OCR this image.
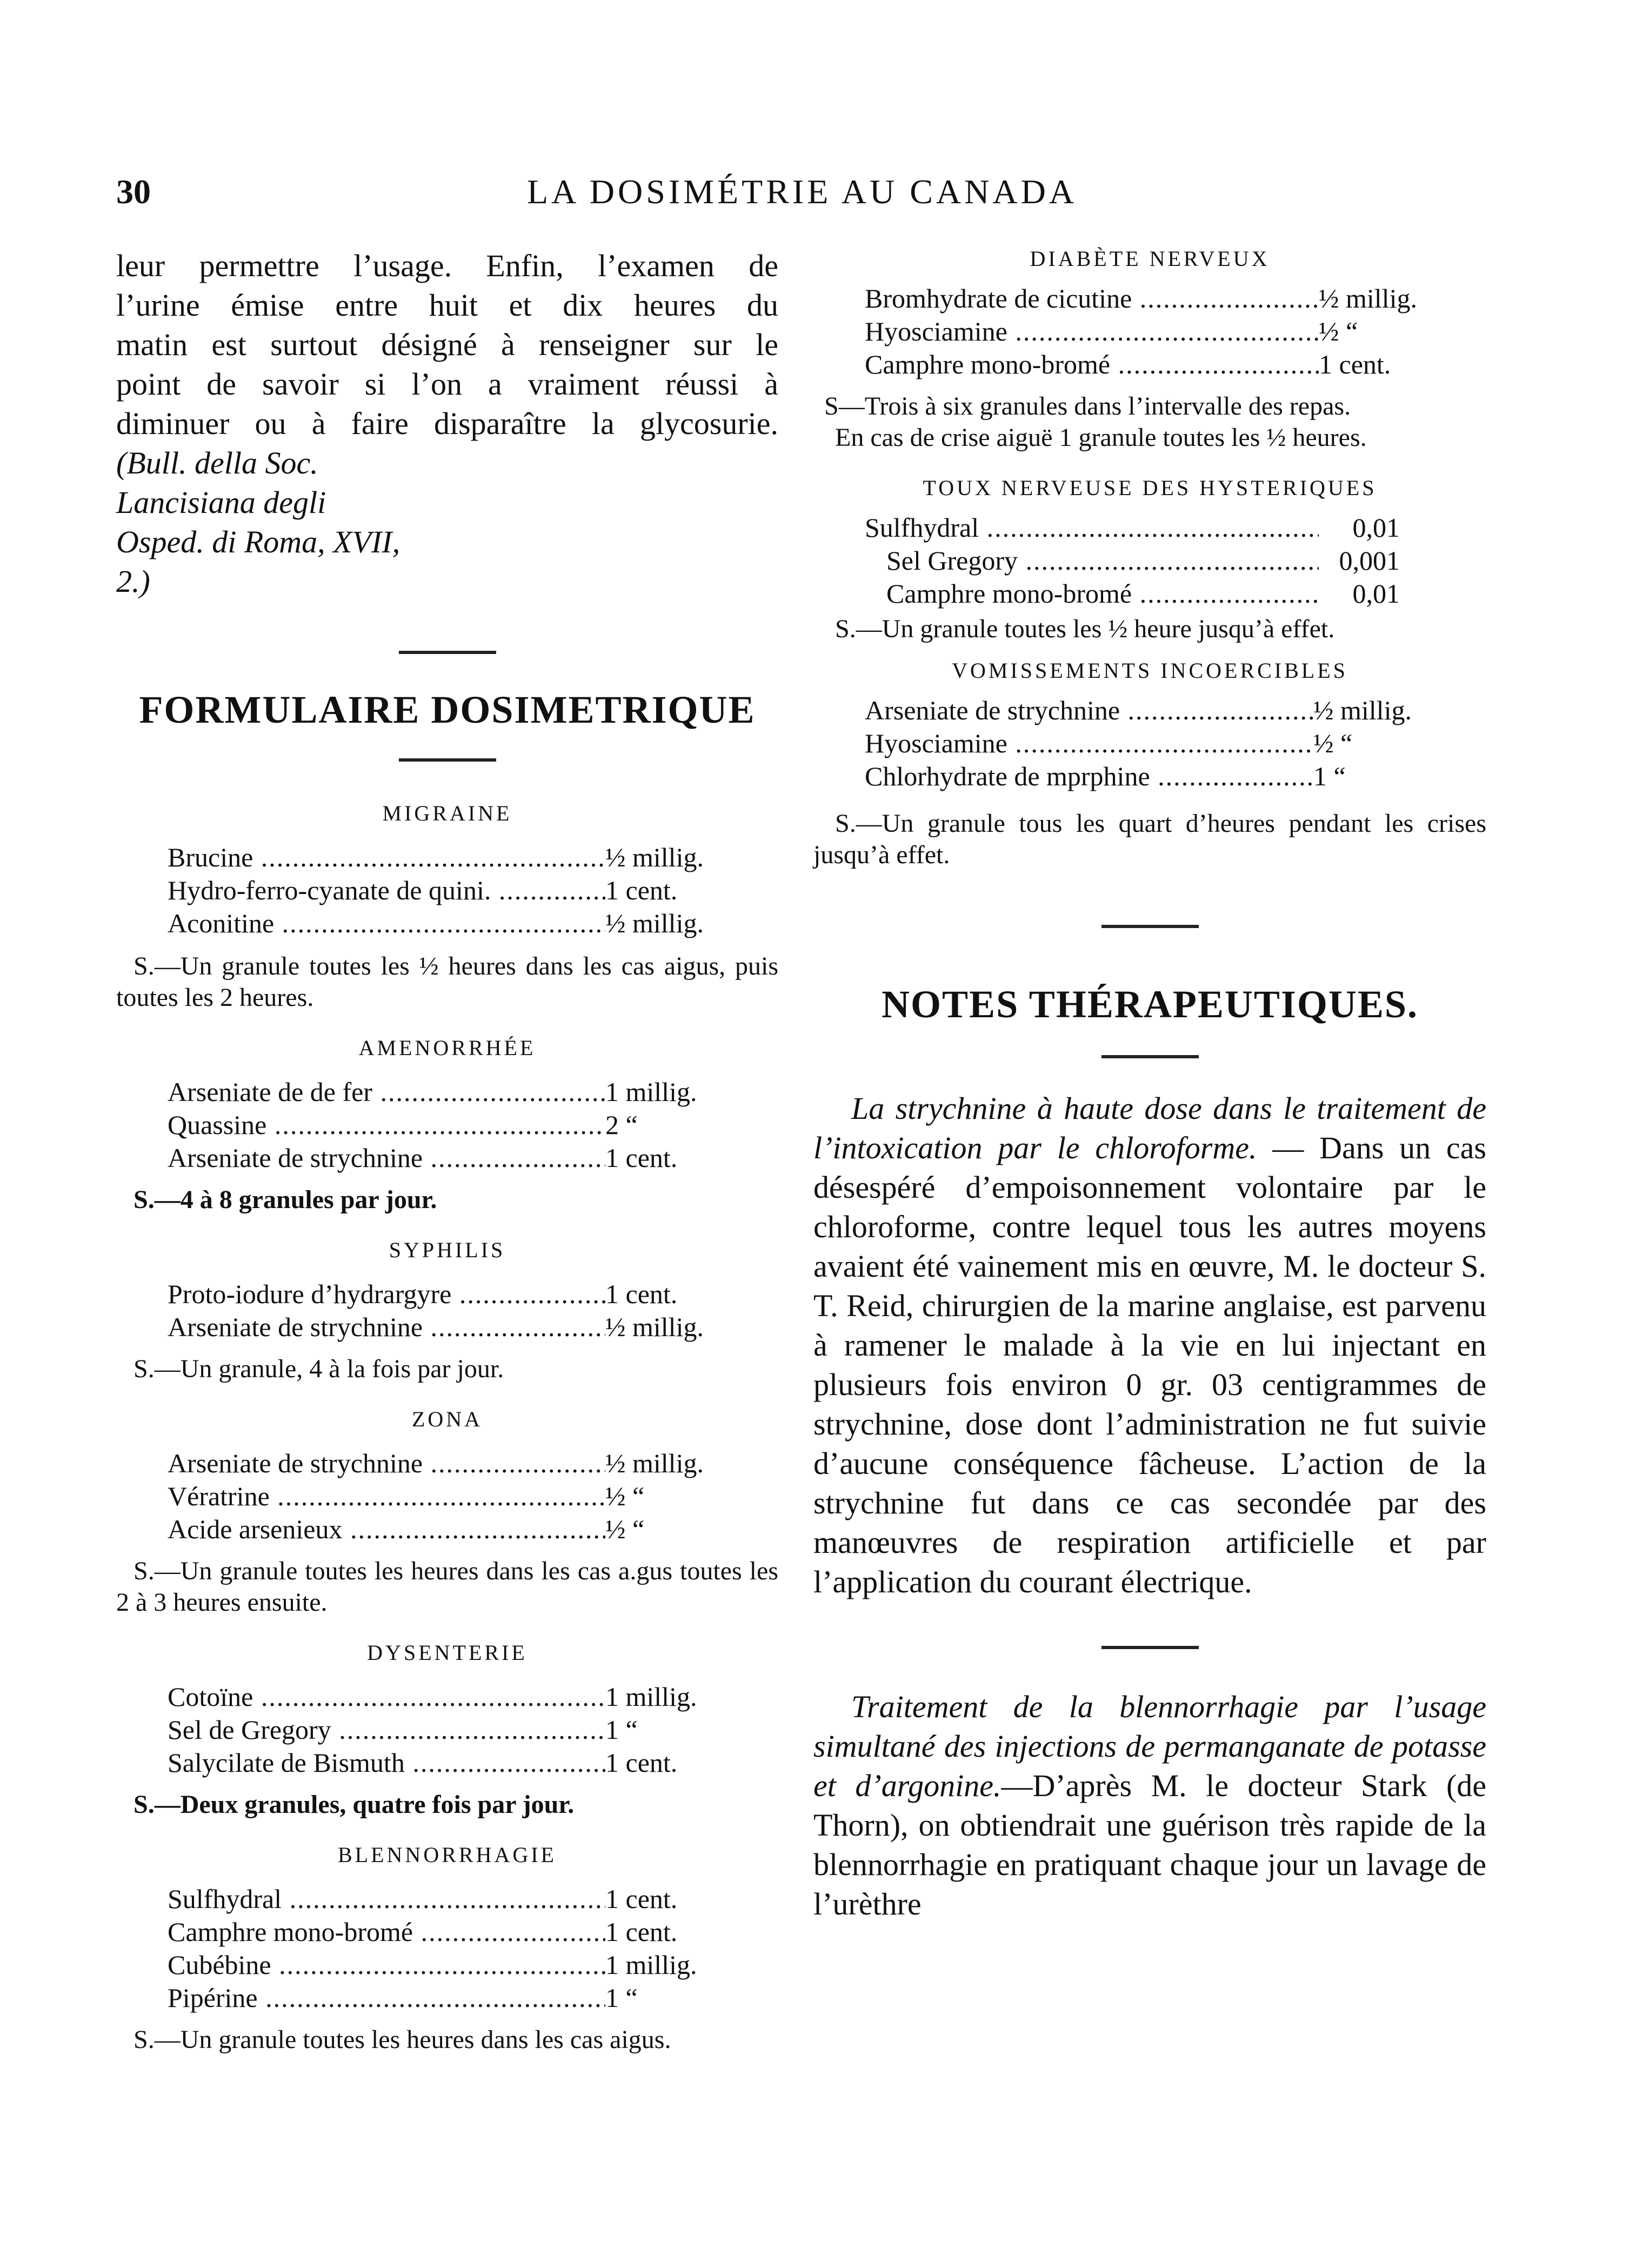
30	LA DOSIMÉTRIE AU CANADA
leur permettre l’usage. Enfin, l’examen de
l’urine émise entre huit et dix heures du
matin est surtout désigné à renseigner sur le
point de savoir si l’on a vraiment réussi à
diminuer ou à faire disparaître la glycosurie.
(Bull. della Soc. Lancisiana degli Osped. di Roma, XVII, 2.)
FORMULAIRE DOSIMETRIQUE
MIGRAINE
Brucine .....	½ millig.
Hydro-ferro-cyanate de quini. .....	1 cent.
Aconitine .....	½ millig.

S.—Un granule toutes les ½ heures dans les cas aigus, puis toutes les 2 heures.

AMENORRHÉE
Arseniate de de fer .....	1 millig.
Quassine .....	2 “
Arseniate de strychnine .....	1 cent.

S.—4 à 8 granules par jour.

SYPHILIS
Proto-iodure d’hydrargyre .....	1 cent.
Arseniate de strychnine .....	½ millig.

S.—Un granule, 4 à la fois par jour.

ZONA
Arseniate de strychnine .....	½ millig.
Vératrine .....	½ “
Acide arsenieux .....	½ “

S.—Un granule toutes les heures dans les cas a.gus toutes les 2 à 3 heures ensuite.

DYSENTERIE
Cotoïne .....	1 millig.
Sel de Gregory .....	1 “
Salycilate de Bismuth .....	1 cent.

S.—Deux granules, quatre fois par jour.

BLENNORRHAGIE
Sulfhydral .....	1 cent.
Camphre mono-bromé .....	1 cent.
Cubébine .....	1 millig.
Pipérine .....	1 “

S.—Un granule toutes les heures dans les cas aigus.

DIABÈTE NERVEUX
Bromhydrate de cicutine .....	½ millig.
Hyosciamine .....	½ “
Camphre mono-bromé .....	1 cent.

S—Trois à six granules dans l’intervalle des repas.

En cas de crise aiguë 1 granule toutes les ½ heures.

TOUX NERVEUSE DES HYSTERIQUES
Sulfhydral .....	0,01
Sel Gregory .....	0,001
Camphre mono-bromé .....	0,01

S.—Un granule toutes les ½ heure jusqu’à effet.

VOMISSEMENTS INCOERCIBLES
Arseniate de strychnine .....	½ millig.
Hyosciamine .....	½ “
Chlorhydrate de mprphine .....	1 “

S.—Un granule tous les quart d’heures pendant les crises jusqu’à effet.

NOTES THÉRAPEUTIQUES.

La strychnine à haute dose dans le traitement de l’intoxication par le chloroforme. — Dans un cas désespéré d’empoisonnement volontaire par le chloroforme, contre lequel tous les autres moyens avaient été vainement mis en œuvre, M. le docteur S. T. Reid, chirurgien de la marine anglaise, est parvenu à ramener le malade à la vie en lui injectant en plusieurs fois environ 0 gr. 03 centigrammes de strychnine, dose dont l’administration ne fut suivie d’aucune conséquence fâcheuse. L’action de la strychnine fut dans ce cas secondée par des manœuvres de respiration artificielle et par l’application du courant électrique.

Traitement de la blennorrhagie par l’usage simultané des injections de permanganate de potasse et d’argonine.—D’après M. le docteur Stark (de Thorn), on obtiendrait une guérison très rapide de la blennorrhagie en pratiquant chaque jour un lavage de l’urèthre
